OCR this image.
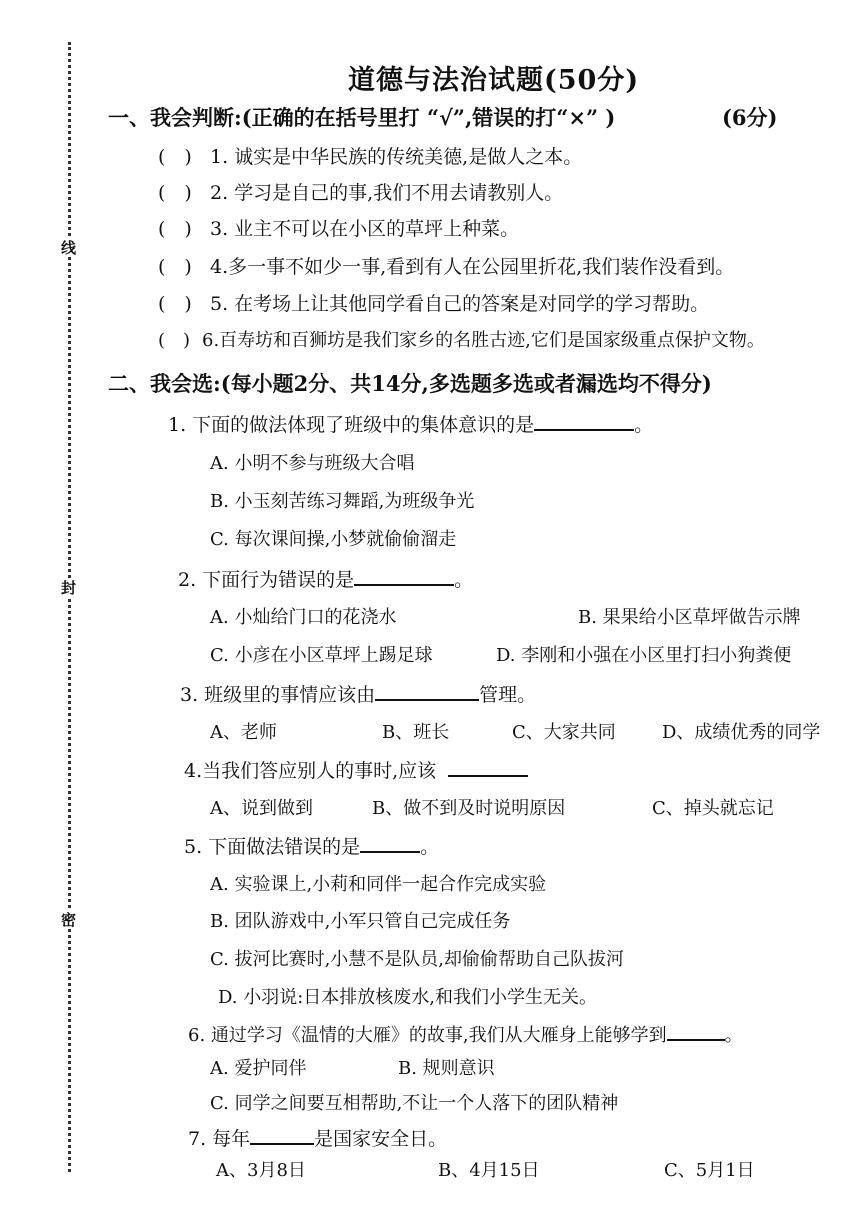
线
封
密
道德与法治试题(50分)
一、我会判断:(正确的在括号里打 “√”,错误的打“×” )	(6分)
(　) 1. 诚实是中华民族的传统美德,是做人之本。
(　) 2. 学习是自己的事,我们不用去请教别人。
(　) 3. 业主不可以在小区的草坪上种菜。
(　) 4.多一事不如少一事,看到有人在公园里折花,我们装作没看到。
(　) 5. 在考场上让其他同学看自己的答案是对同学的学习帮助。
(　) 6.百寿坊和百狮坊是我们家乡的名胜古迹,它们是国家级重点保护文物。
二、我会选:(每小题2分、共14分,多选题多选或者漏选均不得分)
1. 下面的做法体现了班级中的集体意识的是	。
A. 小明不参与班级大合唱
B. 小玉刻苦练习舞蹈,为班级争光
C. 每次课间操,小梦就偷偷溜走
2. 下面行为错误的是	。
A. 小灿给门口的花浇水	B. 果果给小区草坪做告示牌
C. 小彦在小区草坪上踢足球	D. 李刚和小强在小区里打扫小狗粪便
3. 班级里的事情应该由	管理。
A、老师	B、班长	C、大家共同	D、成绩优秀的同学
4.当我们答应别人的事时,应该
A、说到做到	B、做不到及时说明原因	C、掉头就忘记
5. 下面做法错误的是	。
A. 实验课上,小莉和同伴一起合作完成实验
B. 团队游戏中,小军只管自己完成任务
C. 拔河比赛时,小慧不是队员,却偷偷帮助自己队拔河
D. 小羽说:日本排放核废水,和我们小学生无关。
6. 通过学习《温情的大雁》的故事,我们从大雁身上能够学到	。
A. 爱护同伴	B. 规则意识
C. 同学之间要互相帮助,不让一个人落下的团队精神
7. 每年	是国家安全日。
A、3月8日	B、4月15日	C、5月1日
